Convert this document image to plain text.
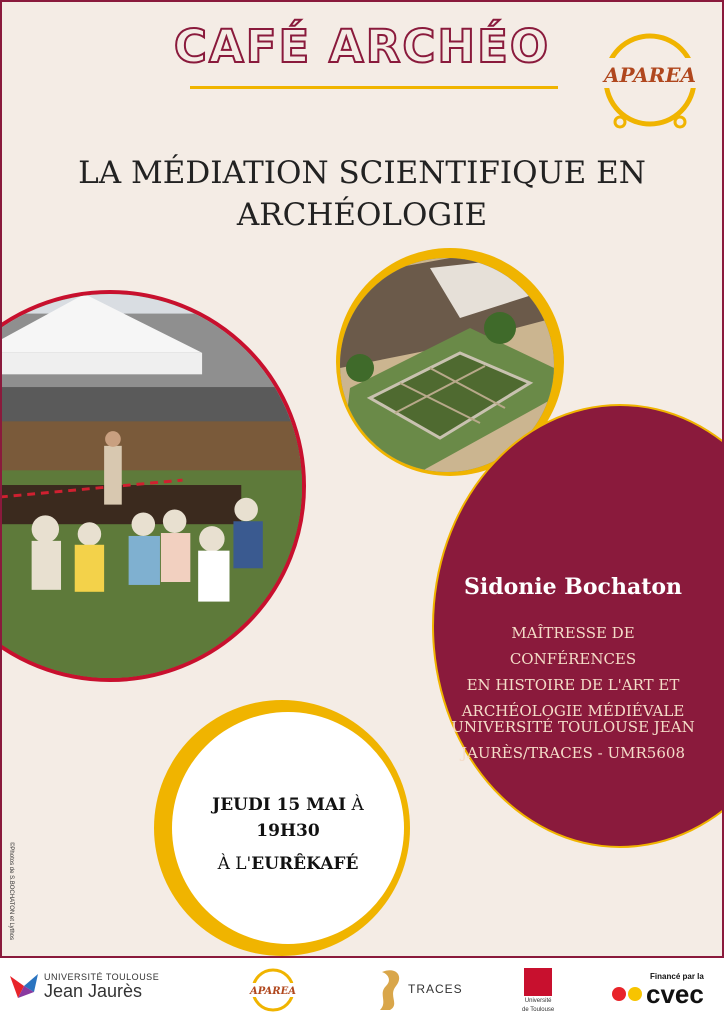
CAFÉ ARCHÉO
APAREA
LA MÉDIATION SCIENTIFIQUE EN
ARCHÉOLOGIE
Sidonie Bochaton
MAÎTRESSE DE CONFÉRENCES
EN HISTOIRE DE L'ART ET
ARCHÉOLOGIE MÉDIÉVALE
UNIVERSITÉ TOULOUSE JEAN
JAURÈS/TRACES - UMR5608
JEUDI 15 MAI À
19H30
À L'EURÊKAFÉ
©Photos de S.BOCHATON et Lythos
UNIVERSITÉ TOULOUSE
Jean Jaurès	APAREA	TRACES
Université
de Toulouse
Financé par la
cvec
